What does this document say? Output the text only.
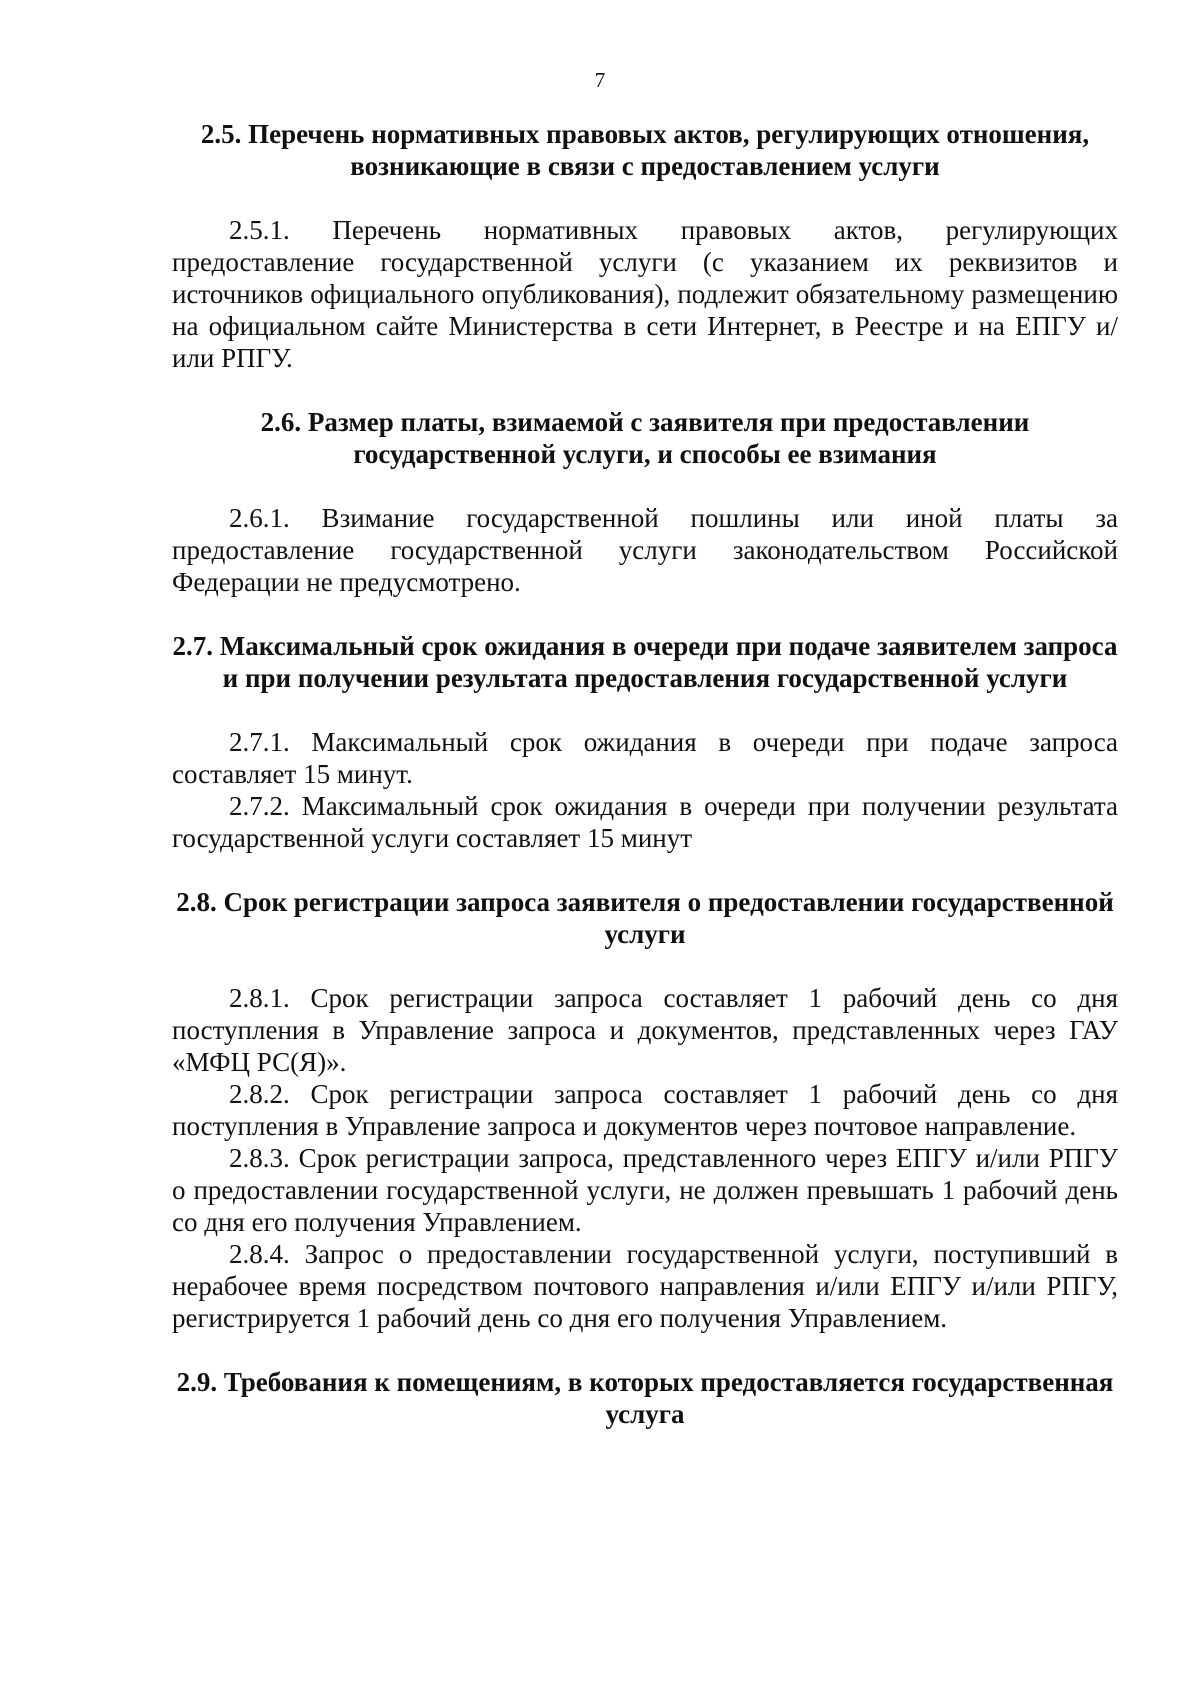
7

2.5. Перечень нормативных правовых актов, регулирующих отношения, возникающие в связи с предоставлением услуги

2.5.1. Перечень нормативных правовых актов, регулирующих предоставление государственной услуги (с указанием их реквизитов и источников официального опубликования), подлежит обязательному размещению на официальном сайте Министерства в сети Интернет, в Реестре и на ЕПГУ и/или РПГУ.

2.6. Размер платы, взимаемой с заявителя при предоставлении государственной услуги, и способы ее взимания

2.6.1. Взимание государственной пошлины или иной платы за предоставление государственной услуги законодательством Российской Федерации не предусмотрено.

2.7. Максимальный срок ожидания в очереди при подаче заявителем запроса и при получении результата предоставления государственной услуги

2.7.1. Максимальный срок ожидания в очереди при подаче запроса составляет 15 минут.

2.7.2. Максимальный срок ожидания в очереди при получении результата государственной услуги составляет 15 минут

2.8. Срок регистрации запроса заявителя о предоставлении государственной услуги

2.8.1. Срок регистрации запроса составляет 1 рабочий день со дня поступления в Управление запроса и документов, представленных через ГАУ «МФЦ РС(Я)».

2.8.2. Срок регистрации запроса составляет 1 рабочий день со дня поступления в Управление запроса и документов через почтовое направление.

2.8.3. Срок регистрации запроса, представленного через ЕПГУ и/или РПГУ о предоставлении государственной услуги, не должен превышать 1 рабочий день со дня его получения Управлением.

2.8.4. Запрос о предоставлении государственной услуги, поступивший в нерабочее время посредством почтового направления и/или ЕПГУ и/или РПГУ, регистрируется 1 рабочий день со дня его получения Управлением.

2.9. Требования к помещениям, в которых предоставляется государственная услуга
